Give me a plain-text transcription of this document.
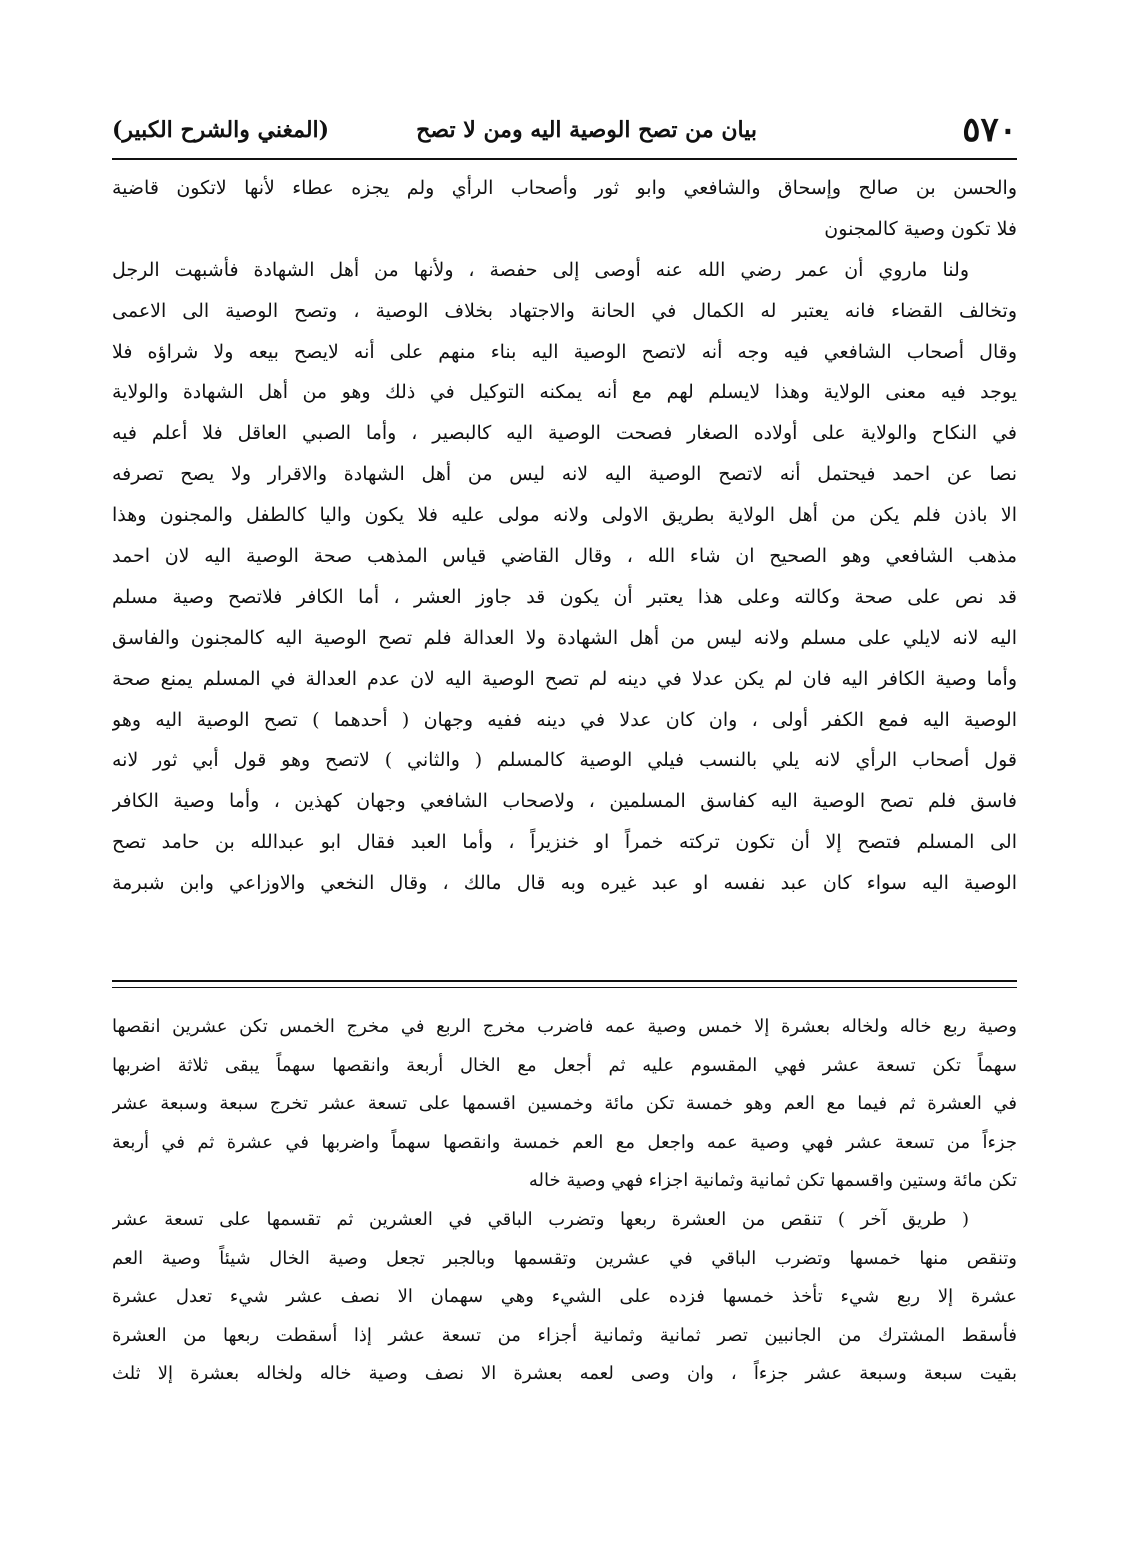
٥٧٠
بيان من تصح الوصية اليه ومن لا تصح
(المغني والشرح الكبير)
والحسن بن صالح وإسحاق والشافعي وابو ثور وأصحاب الرأي ولم يجزه عطاء لأنها لاتكون قاضية
فلا تكون وصية كالمجنون
ولنا ماروي أن عمر رضي الله عنه أوصى إلى حفصة ، ولأنها من أهل الشهادة فأشبهت الرجل
وتخالف القضاء فانه يعتبر له الكمال في الحانة والاجتهاد بخلاف الوصية ، وتصح الوصية الى الاعمى
وقال أصحاب الشافعي فيه وجه أنه لاتصح الوصية اليه بناء منهم على أنه لايصح بيعه ولا شراؤه فلا
يوجد فيه معنى الولاية وهذا لايسلم لهم مع أنه يمكنه التوكيل في ذلك وهو من أهل الشهادة والولاية
في النكاح والولاية على أولاده الصغار فصحت الوصية اليه كالبصير ، وأما الصبي العاقل فلا أعلم فيه
نصا عن احمد فيحتمل أنه لاتصح الوصية اليه لانه ليس من أهل الشهادة والاقرار ولا يصح تصرفه
الا باذن فلم يكن من أهل الولاية بطريق الاولى ولانه مولى عليه فلا يكون واليا كالطفل والمجنون وهذا
مذهب الشافعي وهو الصحيح ان شاء الله ، وقال القاضي قياس المذهب صحة الوصية اليه لان احمد
قد نص على صحة وكالته وعلى هذا يعتبر أن يكون قد جاوز العشر ، أما الكافر فلاتصح وصية مسلم
اليه لانه لايلي على مسلم ولانه ليس من أهل الشهادة ولا العدالة فلم تصح الوصية اليه كالمجنون والفاسق
وأما وصية الكافر اليه فان لم يكن عدلا في دينه لم تصح الوصية اليه لان عدم العدالة في المسلم يمنع صحة
الوصية اليه فمع الكفر أولى ، وان كان عدلا في دينه ففيه وجهان ( أحدهما ) تصح الوصية اليه وهو
قول أصحاب الرأي لانه يلي بالنسب فيلي الوصية كالمسلم ( والثاني ) لاتصح وهو قول أبي ثور لانه
فاسق فلم تصح الوصية اليه كفاسق المسلمين ، ولاصحاب الشافعي وجهان كهذين ، وأما وصية الكافر
الى المسلم فتصح إلا أن تكون تركته خمراً او خنزيراً ، وأما العبد فقال ابو عبدالله بن حامد تصح
الوصية اليه سواء كان عبد نفسه او عبد غيره وبه قال مالك ، وقال النخعي والاوزاعي وابن شبرمة
وصية ربع خاله ولخاله بعشرة إلا خمس وصية عمه فاضرب مخرج الربع في مخرج الخمس تكن عشرين انقصها
سهماً تكن تسعة عشر فهي المقسوم عليه ثم أجعل مع الخال أربعة وانقصها سهماً يبقى ثلاثة اضربها
في العشرة ثم فيما مع العم وهو خمسة تكن مائة وخمسين اقسمها على تسعة عشر تخرج سبعة وسبعة عشر
جزءاً من تسعة عشر فهي وصية عمه واجعل مع العم خمسة وانقصها سهماً واضربها في عشرة ثم في أربعة
تكن مائة وستين واقسمها تكن ثمانية وثمانية اجزاء فهي وصية خاله
( طريق آخر ) تنقص من العشرة ربعها وتضرب الباقي في العشرين ثم تقسمها على تسعة عشر
وتنقص منها خمسها وتضرب الباقي في عشرين وتقسمها وبالجبر تجعل وصية الخال شيئاً وصية العم
عشرة إلا ربع شيء تأخذ خمسها فزده على الشيء وهي سهمان الا نصف عشر شيء تعدل عشرة
فأسقط المشترك من الجانبين تصر ثمانية وثمانية أجزاء من تسعة عشر إذا أسقطت ربعها من العشرة
بقيت سبعة وسبعة عشر جزءاً ، وان وصى لعمه بعشرة الا نصف وصية خاله ولخاله بعشرة إلا ثلث
